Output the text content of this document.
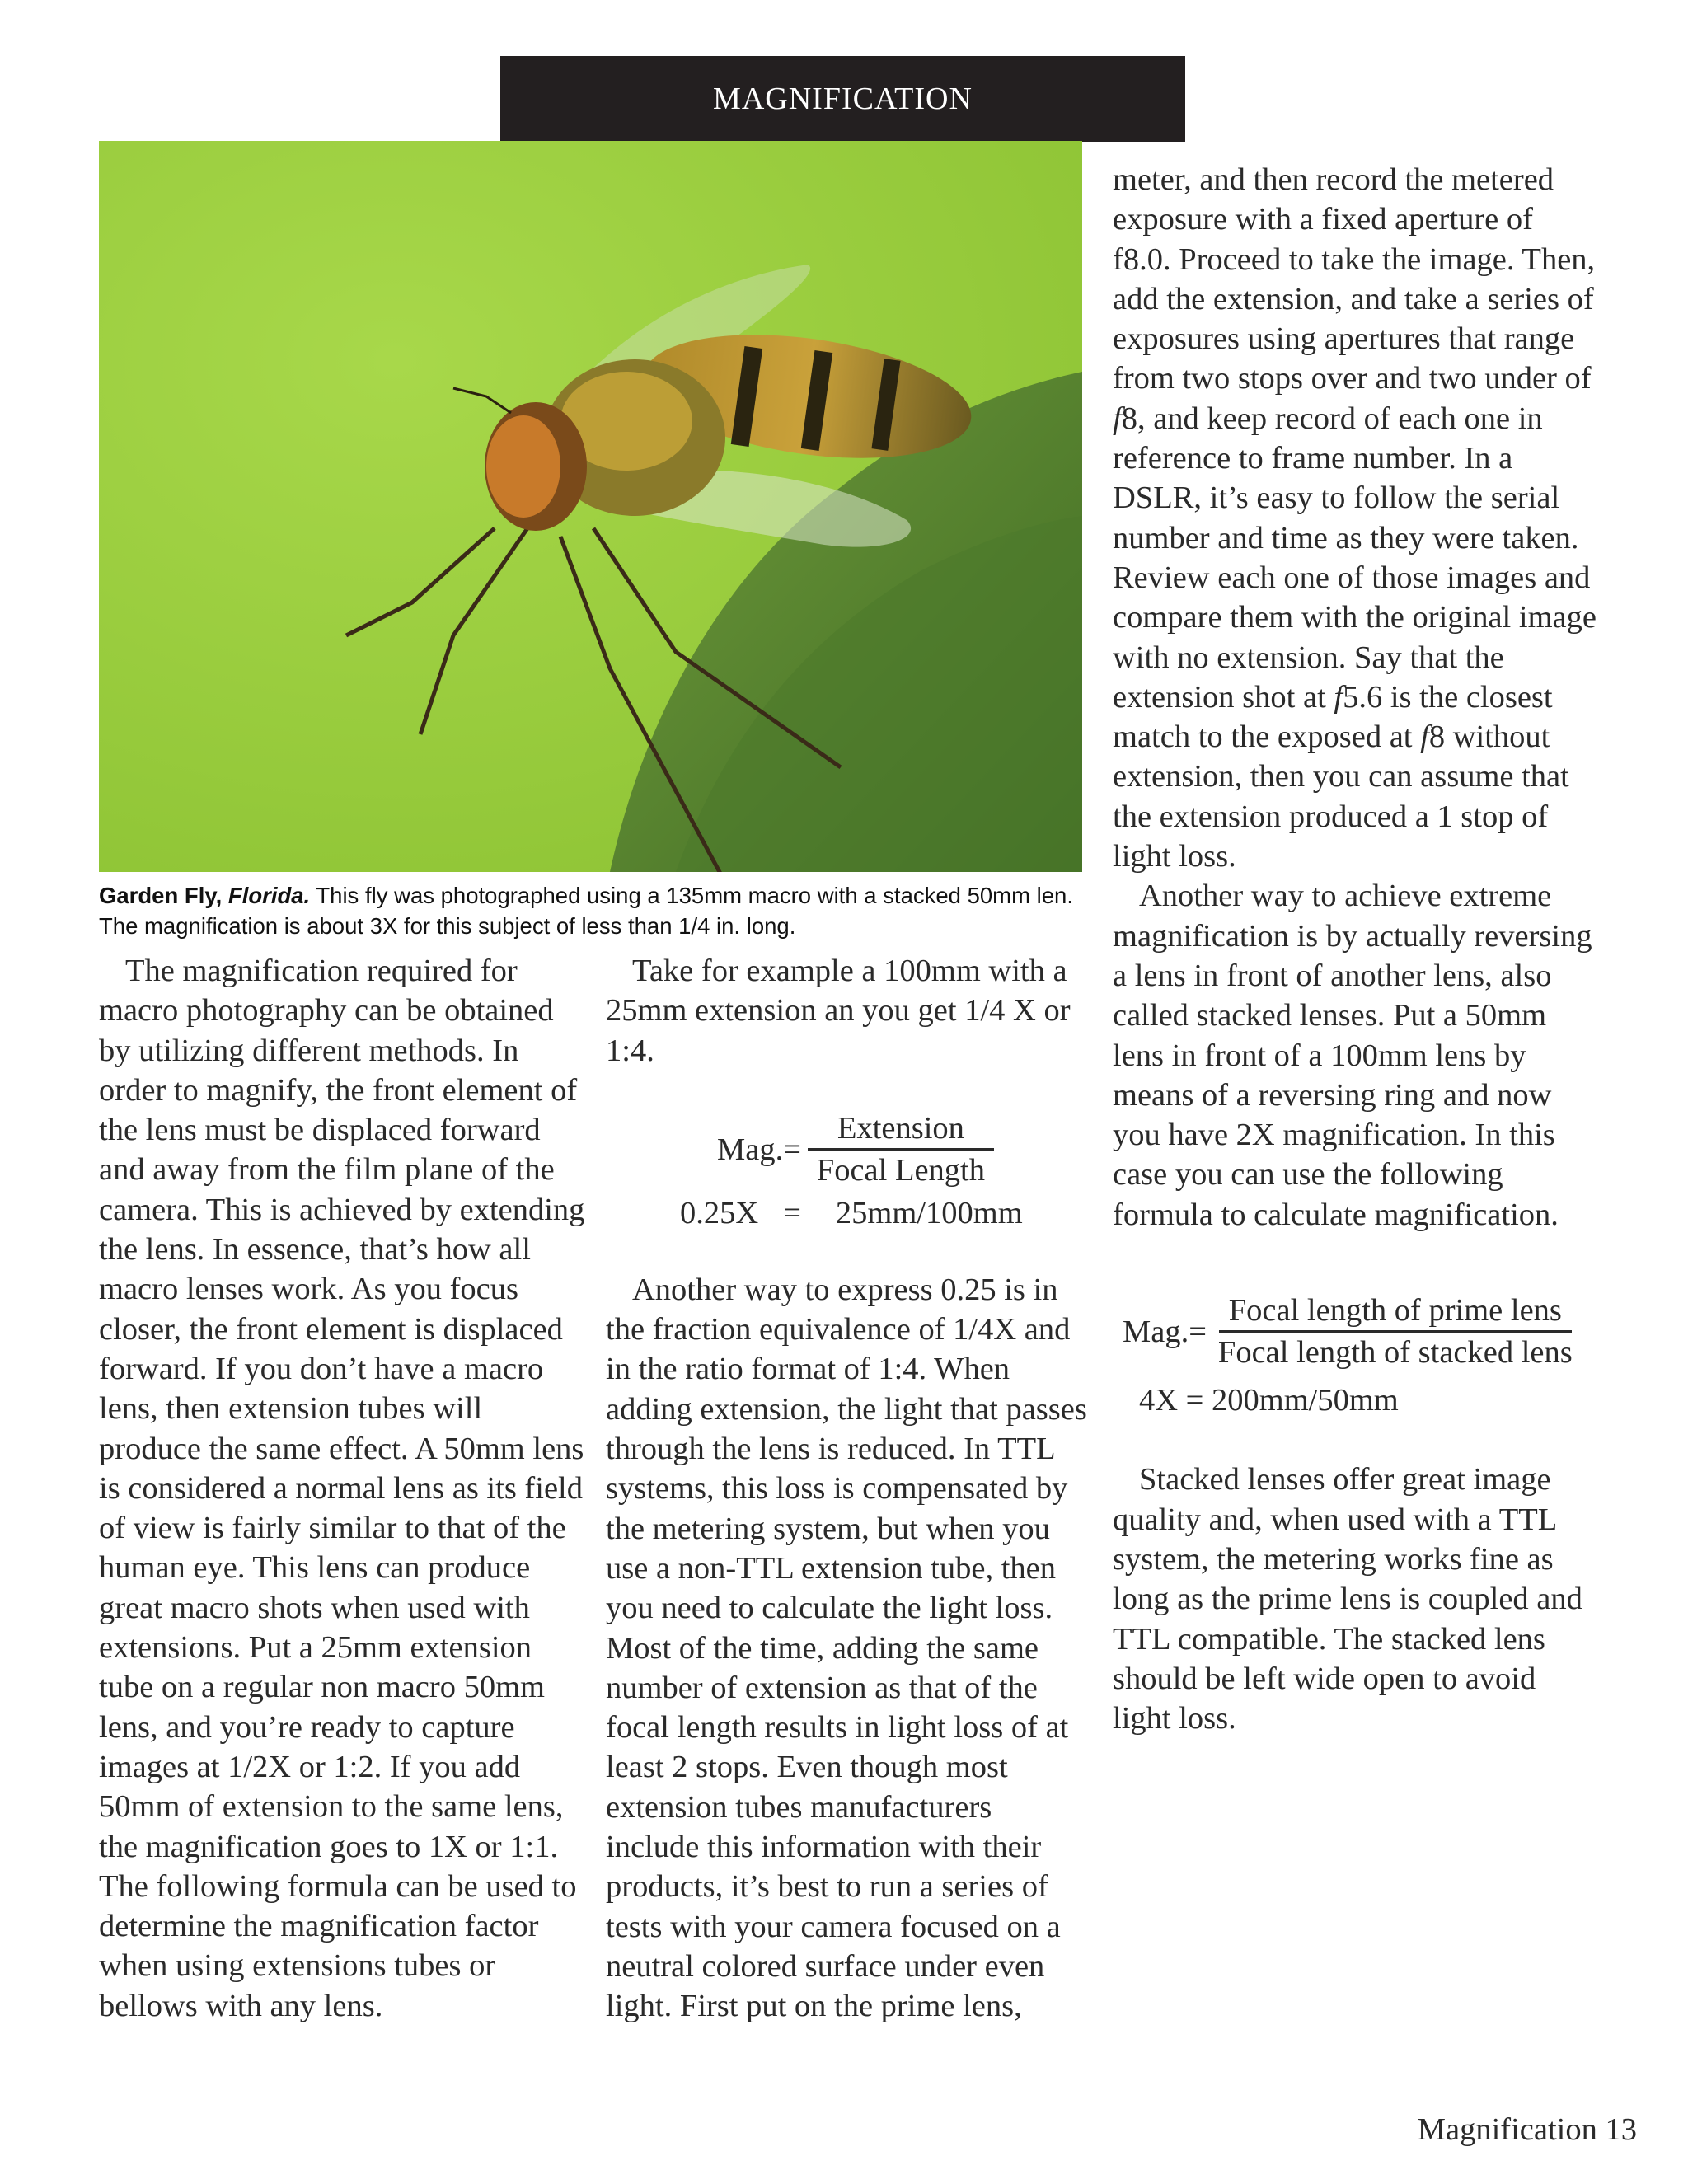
MAGNIFICATION
Garden Fly, Florida. This fly was photographed using a 135mm macro with a stacked 50mm len. The magnification is about 3X for this subject of less than 1/4 in. long.

The magnification required for macro photography can be obtained by utilizing different methods. In order to magnify, the front element of the lens must be displaced forward and away from the film plane of the camera. This is achieved by extending the lens. In essence, that’s how all macro lenses work. As you focus closer, the front element is displaced forward. If you don’t have a macro lens, then extension tubes will produce the same effect. A 50mm lens is considered a normal lens as its field of view is fairly similar to that of the human eye. This lens can produce great macro shots when used with extensions. Put a 25mm extension tube on a regular non macro 50mm lens, and you’re ready to capture images at 1/2X or 1:2. If you add 50mm of extension to the same lens, the magnification goes to 1X or 1:1. The following formula can be used to determine the magnification factor when using extensions tubes or bellows with any lens.

Take for example a 100mm with a 25mm extension an you get 1/4 X or 1:4.

$Mag.= \frac{\text{Extension}}{\text{Focal Length}}$
0.25X = 25mm/100mm

Another way to express 0.25 is in the fraction equivalence of 1/4X and in the ratio format of 1:4. When adding extension, the light that passes through the lens is reduced. In TTL systems, this loss is compensated by the metering system, but when you use a non-TTL extension tube, then you need to calculate the light loss. Most of the time, adding the same number of extension as that of the focal length results in light loss of at least 2 stops. Even though most extension tubes manufacturers include this information with their products, it’s best to run a series of tests with your camera focused on a neutral colored surface under even light. First put on the prime lens,

meter, and then record the metered exposure with a fixed aperture of f8.0. Proceed to take the image. Then, add the extension, and take a series of exposures using apertures that range from two stops over and two under of f8, and keep record of each one in reference to frame number. In a DSLR, it’s easy to follow the serial number and time as they were taken. Review each one of those images and compare them with the original image with no extension. Say that the extension shot at f5.6 is the closest match to the exposed at f8 without extension, then you can assume that the extension produced a 1 stop of light loss.

Another way to achieve extreme magnification is by actually reversing a lens in front of another lens, also called stacked lenses. Put a 50mm lens in front of a 100mm lens by means of a reversing ring and now you have 2X magnification. In this case you can use the following formula to calculate magnification.

$Mag.= \frac{\text{Focal length of prime lens}}{\text{Focal length of stacked lens}}$
4X = 200mm/50mm

Stacked lenses offer great image quality and, when used with a TTL system, the metering works fine as long as the prime lens is coupled and TTL compatible. The stacked lens should be left wide open to avoid light loss.

Magnification 13
